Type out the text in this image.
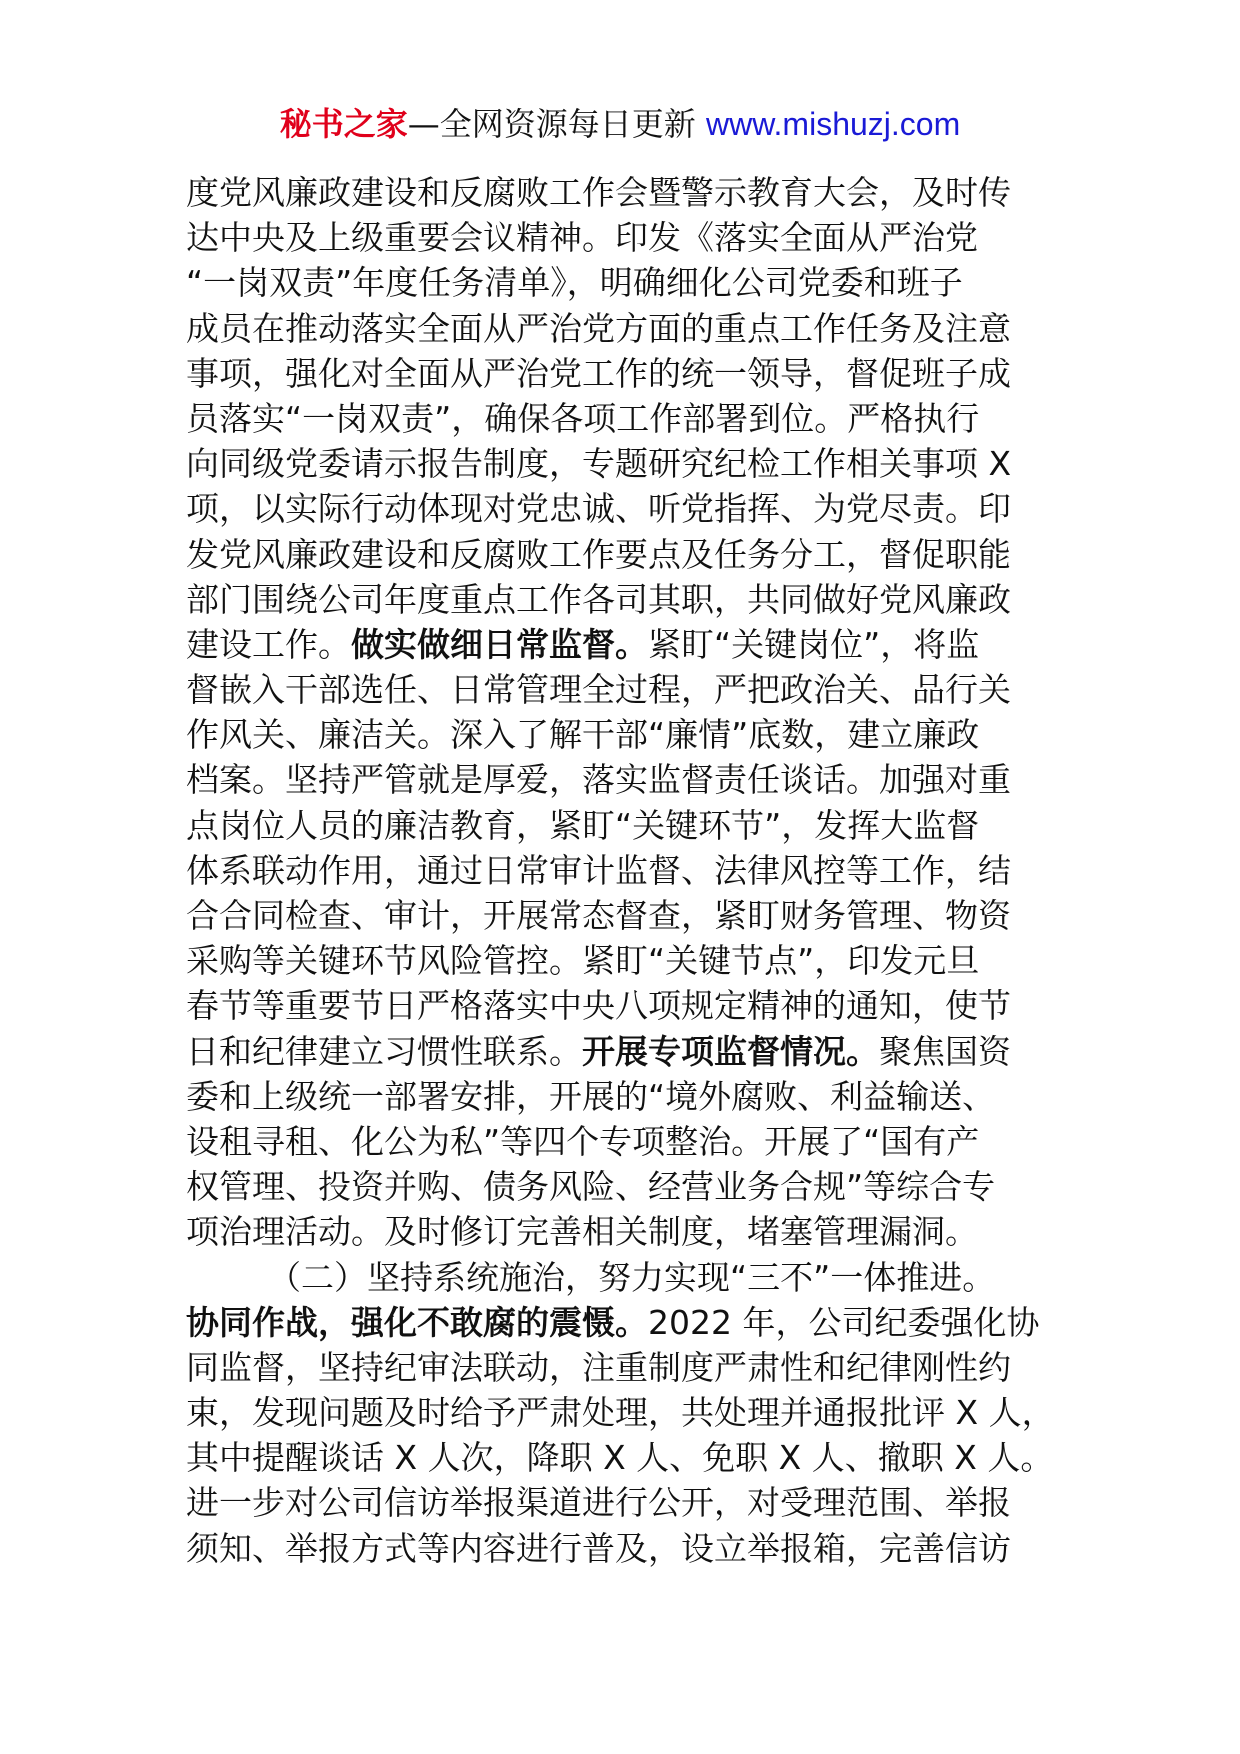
秘书之家—全网资源每日更新 www.mishuzj.com
度党风廉政建设和反腐败工作会暨警示教育大会，及时传
达中央及上级重要会议精神。印发《落实全面从严治党
“一岗双责”年度任务清单》，明确细化公司党委和班子
成员在推动落实全面从严治党方面的重点工作任务及注意
事项，强化对全面从严治党工作的统一领导，督促班子成
员落实“一岗双责”，确保各项工作部署到位。严格执行
向同级党委请示报告制度，专题研究纪检工作相关事项 X
项，以实际行动体现对党忠诚、听党指挥、为党尽责。印
发党风廉政建设和反腐败工作要点及任务分工，督促职能
部门围绕公司年度重点工作各司其职，共同做好党风廉政
建设工作。做实做细日常监督。紧盯“关键岗位”，将监
督嵌入干部选任、日常管理全过程，严把政治关、品行关
作风关、廉洁关。深入了解干部“廉情”底数，建立廉政
档案。坚持严管就是厚爱，落实监督责任谈话。加强对重
点岗位人员的廉洁教育，紧盯“关键环节”，发挥大监督
体系联动作用，通过日常审计监督、法律风控等工作，结
合合同检查、审计，开展常态督查，紧盯财务管理、物资
采购等关键环节风险管控。紧盯“关键节点”，印发元旦
春节等重要节日严格落实中央八项规定精神的通知，使节
日和纪律建立习惯性联系。开展专项监督情况。聚焦国资
委和上级统一部署安排，开展的“境外腐败、利益输送、
设租寻租、化公为私”等四个专项整治。开展了“国有产
权管理、投资并购、债务风险、经营业务合规”等综合专
项治理活动。及时修订完善相关制度，堵塞管理漏洞。
（二）坚持系统施治，努力实现“三不”一体推进。
协同作战，强化不敢腐的震慑。2022 年，公司纪委强化协
同监督，坚持纪审法联动，注重制度严肃性和纪律刚性约
束，发现问题及时给予严肃处理，共处理并通报批评 X 人，
其中提醒谈话 X 人次，降职 X 人、免职 X 人、撤职 X 人。
进一步对公司信访举报渠道进行公开，对受理范围、举报
须知、举报方式等内容进行普及，设立举报箱，完善信访
